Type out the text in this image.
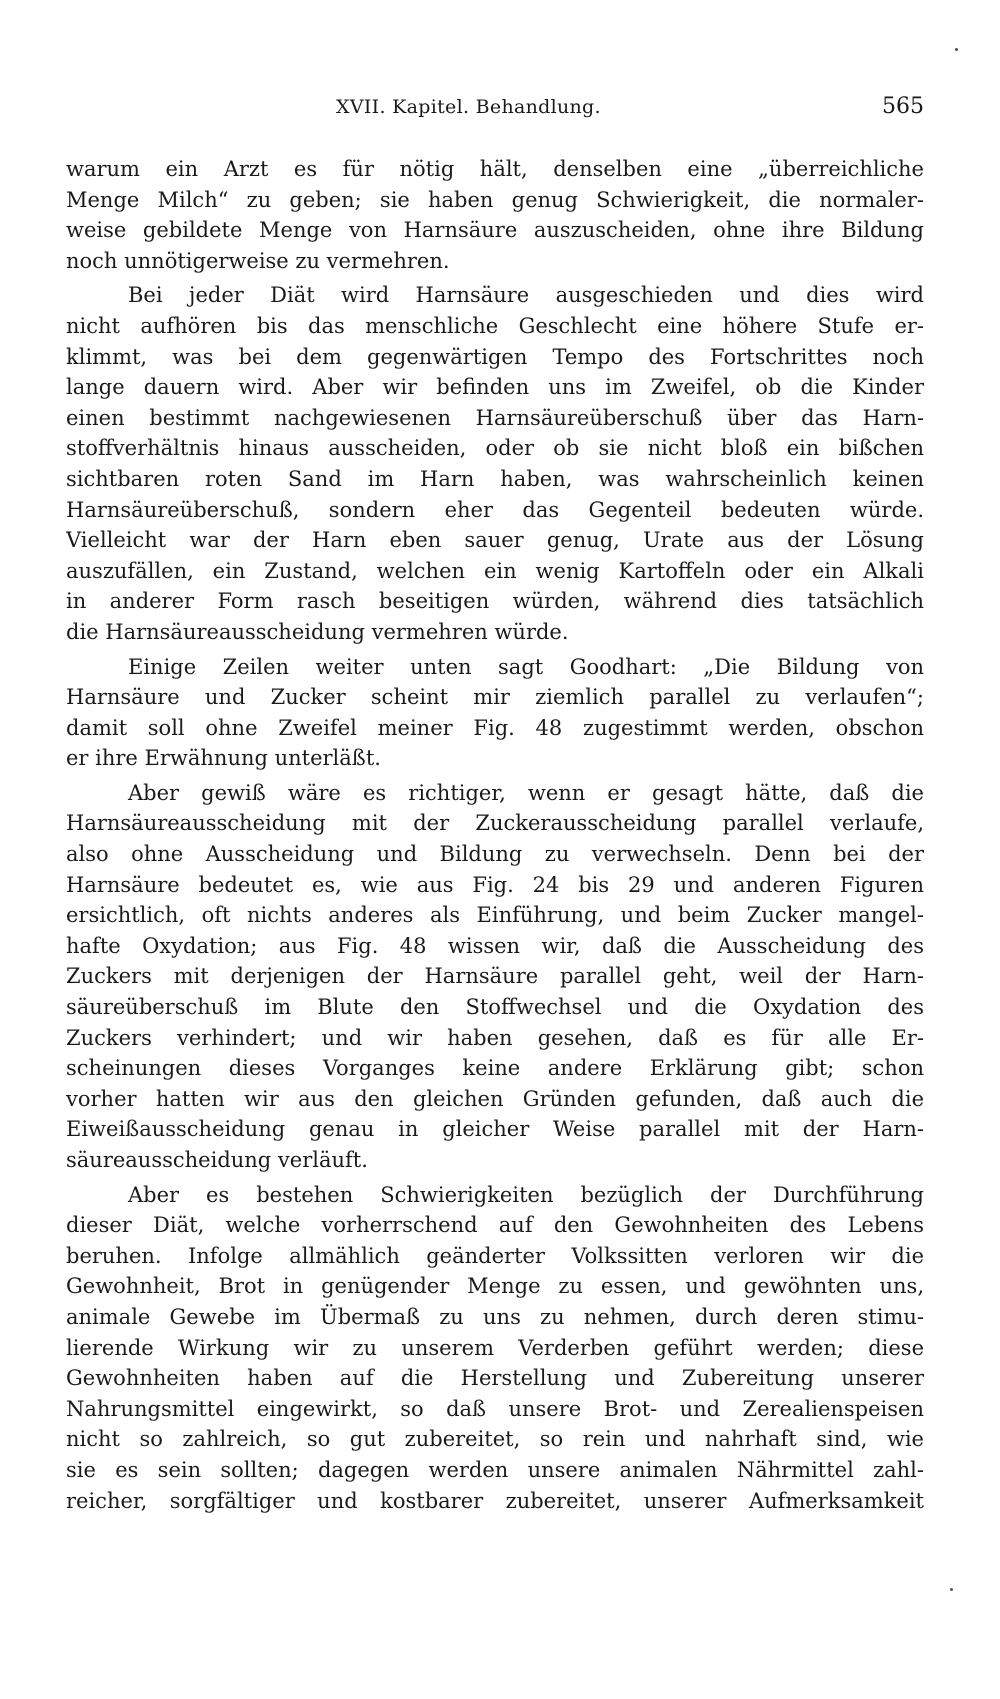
XVII. Kapitel. Behandlung.	565
warum ein Arzt es für nötig hält, denselben eine „überreichliche
Menge Milch“ zu geben; sie haben genug Schwierigkeit, die normaler-
weise gebildete Menge von Harnsäure auszuscheiden, ohne ihre Bildung
noch unnötigerweise zu vermehren.
Bei jeder Diät wird Harnsäure ausgeschieden und dies wird
nicht aufhören bis das menschliche Geschlecht eine höhere Stufe er-
klimmt, was bei dem gegenwärtigen Tempo des Fortschrittes noch
lange dauern wird. Aber wir befinden uns im Zweifel, ob die Kinder
einen bestimmt nachgewiesenen Harnsäureüberschuß über das Harn-
stoffverhältnis hinaus ausscheiden, oder ob sie nicht bloß ein bißchen
sichtbaren roten Sand im Harn haben, was wahrscheinlich keinen
Harnsäureüberschuß, sondern eher das Gegenteil bedeuten würde.
Vielleicht war der Harn eben sauer genug, Urate aus der Lösung
auszufällen, ein Zustand, welchen ein wenig Kartoffeln oder ein Alkali
in anderer Form rasch beseitigen würden, während dies tatsächlich
die Harnsäureausscheidung vermehren würde.
Einige Zeilen weiter unten sagt Goodhart: „Die Bildung von
Harnsäure und Zucker scheint mir ziemlich parallel zu verlaufen“;
damit soll ohne Zweifel meiner Fig. 48 zugestimmt werden, obschon
er ihre Erwähnung unterläßt.
Aber gewiß wäre es richtiger, wenn er gesagt hätte, daß die
Harnsäureausscheidung mit der Zuckerausscheidung parallel verlaufe,
also ohne Ausscheidung und Bildung zu verwechseln. Denn bei der
Harnsäure bedeutet es, wie aus Fig. 24 bis 29 und anderen Figuren
ersichtlich, oft nichts anderes als Einführung, und beim Zucker mangel-
hafte Oxydation; aus Fig. 48 wissen wir, daß die Ausscheidung des
Zuckers mit derjenigen der Harnsäure parallel geht, weil der Harn-
säureüberschuß im Blute den Stoffwechsel und die Oxydation des
Zuckers verhindert; und wir haben gesehen, daß es für alle Er-
scheinungen dieses Vorganges keine andere Erklärung gibt; schon
vorher hatten wir aus den gleichen Gründen gefunden, daß auch die
Eiweißausscheidung genau in gleicher Weise parallel mit der Harn-
säureausscheidung verläuft.
Aber es bestehen Schwierigkeiten bezüglich der Durchführung
dieser Diät, welche vorherrschend auf den Gewohnheiten des Lebens
beruhen. Infolge allmählich geänderter Volkssitten verloren wir die
Gewohnheit, Brot in genügender Menge zu essen, und gewöhnten uns,
animale Gewebe im Übermaß zu uns zu nehmen, durch deren stimu-
lierende Wirkung wir zu unserem Verderben geführt werden; diese
Gewohnheiten haben auf die Herstellung und Zubereitung unserer
Nahrungsmittel eingewirkt, so daß unsere Brot- und Zerealienspeisen
nicht so zahlreich, so gut zubereitet, so rein und nahrhaft sind, wie
sie es sein sollten; dagegen werden unsere animalen Nährmittel zahl-
reicher, sorgfältiger und kostbarer zubereitet, unserer Aufmerksamkeit
